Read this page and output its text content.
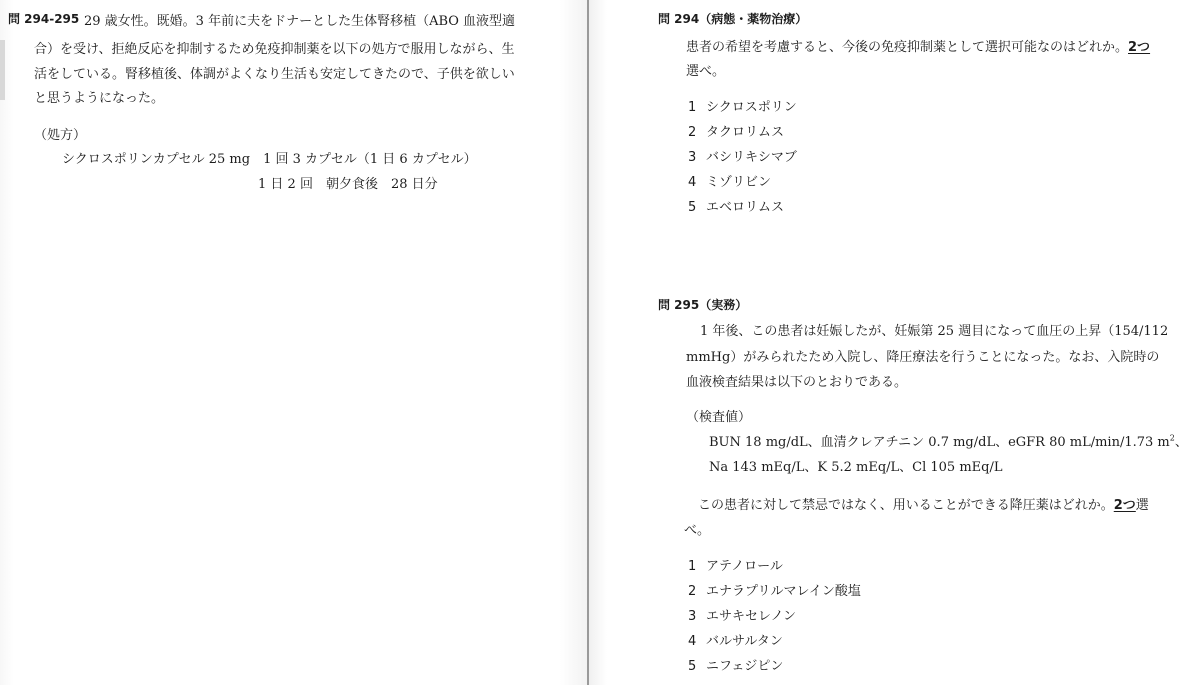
問 294-295 29 歳女性。既婚。3 年前に夫をドナーとした生体腎移植（ABO 血液型適
合）を受け、拒絶反応を抑制するため免疫抑制薬を以下の処方で服用しながら、生
活をしている。腎移植後、体調がよくなり生活も安定してきたので、子供を欲しい
と思うようになった。
（処方）
シクロスポリンカプセル 25 mg　1 回 3 カプセル（1 日 6 カプセル）
1 日 2 回　朝夕食後　28 日分
問 294（病態・薬物治療）
患者の希望を考慮すると、今後の免疫抑制薬として選択可能なのはどれか。2つ
選べ。
1 シクロスポリン
2 タクロリムス
3 バシリキシマブ
4 ミゾリビン
5 エベロリムス
問 295（実務）
1 年後、この患者は妊娠したが、妊娠第 25 週目になって血圧の上昇（154/112
mmHg）がみられたため入院し、降圧療法を行うことになった。なお、入院時の
血液検査結果は以下のとおりである。
（検査値）
BUN 18 mg/dL、血清クレアチニン 0.7 mg/dL、eGFR 80 mL/min/1.73 $m^2$、
Na 143 mEq/L、K 5.2 mEq/L、Cl 105 mEq/L
この患者に対して禁忌ではなく、用いることができる降圧薬はどれか。2つ選
べ。
1 アテノロール
2 エナラプリルマレイン酸塩
3 エサキセレノン
4 バルサルタン
5 ニフェジピン
